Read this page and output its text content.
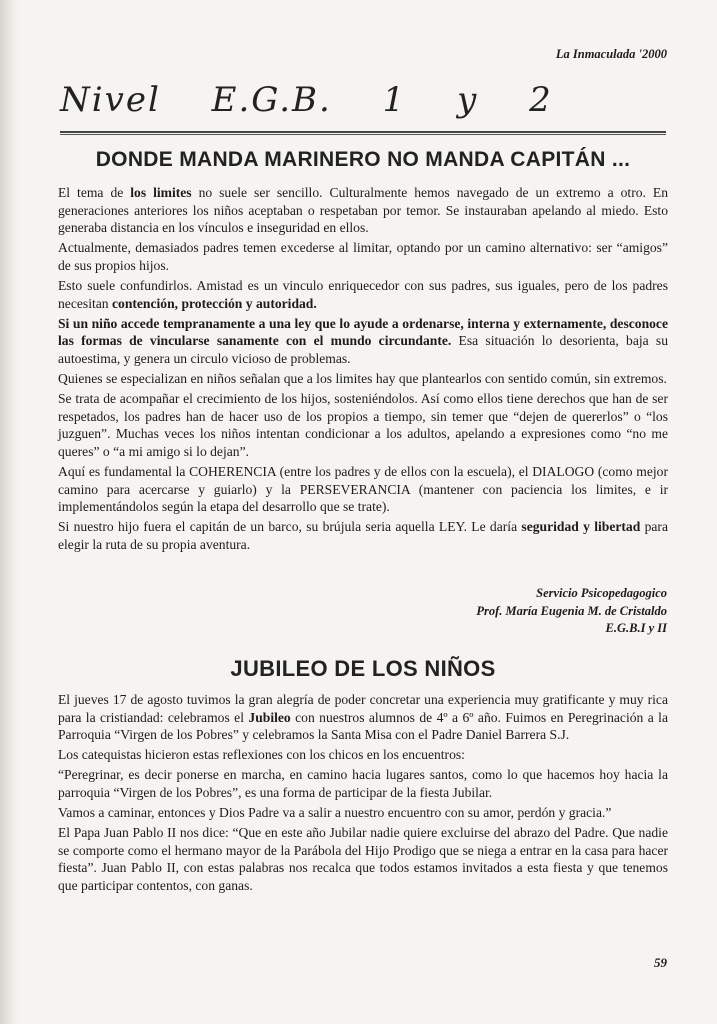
La Inmaculada '2000
Nivel E.G.B. 1 y 2
DONDE MANDA MARINERO NO MANDA CAPITÁN ...

El tema de los limites no suele ser sencillo. Culturalmente hemos navegado de un extremo a otro. En generaciones anteriores los niños aceptaban o respetaban por temor. Se instauraban apelando al miedo. Esto generaba distancia en los vínculos e inseguridad en ellos.

Actualmente, demasiados padres temen excederse al limitar, optando por un camino alternativo: ser “amigos” de sus propios hijos.

Esto suele confundirlos. Amistad es un vinculo enriquecedor con sus padres, sus iguales, pero de los padres necesitan contención, protección y autoridad.

Si un niño accede tempranamente a una ley que lo ayude a ordenarse, interna y externamente, desconoce las formas de vincularse sanamente con el mundo circundante. Esa situación lo desorienta, baja su autoestima, y genera un circulo vicioso de problemas.

Quienes se especializan en niños señalan que a los limites hay que plantearlos con sentido común, sin extremos.

Se trata de acompañar el crecimiento de los hijos, sosteniéndolos. Así como ellos tiene derechos que han de ser respetados, los padres han de hacer uso de los propios a tiempo, sin temer que “dejen de quererlos” o “los juzguen”. Muchas veces los niños intentan condicionar a los adultos, apelando a expresiones como “no me queres” o “a mi amigo si lo dejan”.

Aquí es fundamental la COHERENCIA (entre los padres y de ellos con la escuela), el DIALOGO (como mejor camino para acercarse y guiarlo) y la PERSEVERANCIA (mantener con paciencia los limites, e ir implementándolos según la etapa del desarrollo que se trate).

Si nuestro hijo fuera el capitán de un barco, su brújula seria aquella LEY. Le daría seguridad y libertad para elegir la ruta de su propia aventura.

Servicio Psicopedagogico
Prof. María Eugenia M. de Cristaldo
E.G.B.I y II
JUBILEO DE LOS NIÑOS

El jueves 17 de agosto tuvimos la gran alegría de poder concretar una experiencia muy gratificante y muy rica para la cristiandad: celebramos el Jubileo con nuestros alumnos de 4º a 6º año. Fuimos en Peregrinación a la Parroquia “Virgen de los Pobres” y celebramos la Santa Misa con el Padre Daniel Barrera S.J.

Los catequistas hicieron estas reflexiones con los chicos en los encuentros:

“Peregrinar, es decir ponerse en marcha, en camino hacia lugares santos, como lo que hacemos hoy hacia la parroquia “Virgen de los Pobres”, es una forma de participar de la fiesta Jubilar.

Vamos a caminar, entonces y Dios Padre va a salir a nuestro encuentro con su amor, perdón y gracia.”

El Papa Juan Pablo II nos dice: “Que en este año Jubilar nadie quiere excluirse del abrazo del Padre. Que nadie se comporte como el hermano mayor de la Parábola del Hijo Prodigo que se niega a entrar en la casa para hacer fiesta”. Juan Pablo II, con estas palabras nos recalca que todos estamos invitados a esta fiesta y que tenemos que participar contentos, con ganas.

59
